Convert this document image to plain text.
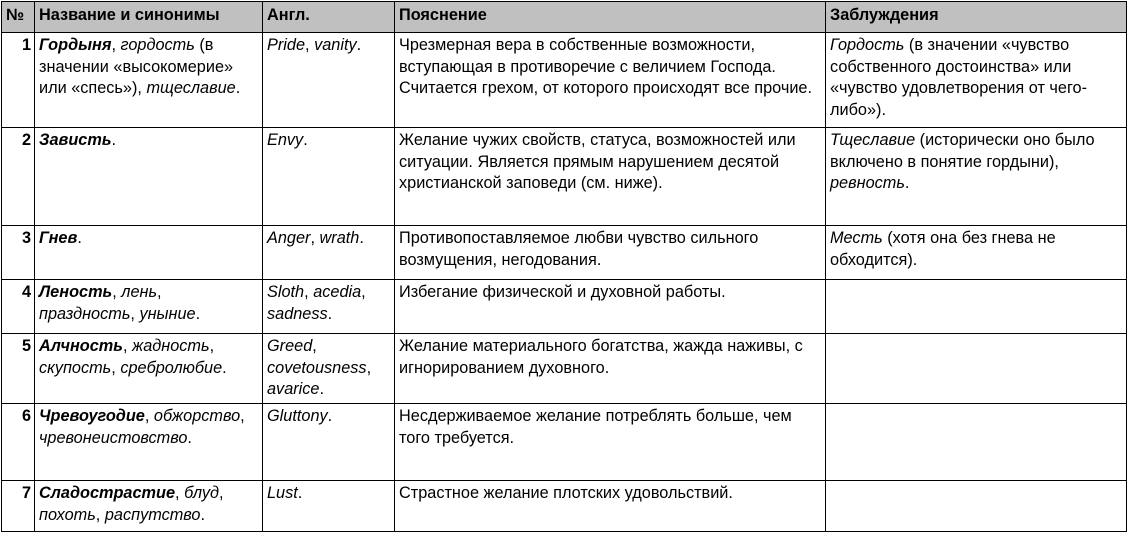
№	Название и синонимы	Англ.	Пояснение	Заблуждения
1	Гордыня, гордость (в значении «высокомерие» или «спесь»), тщеславие.	Pride, vanity.	Чрезмерная вера в собственные возможности, вступающая в противоречие с величием Господа. Считается грехом, от которого происходят все прочие.	Гордость (в значении «чувство собственного достоинства» или «чувство удовлетворения от чего-либо»).
2	Зависть.	Envy.	Желание чужих свойств, статуса, возможностей или ситуации. Является прямым нарушением десятой христианской заповеди (см. ниже).	Тщеславие (исторически оно было включено в понятие гордыни), ревность.
3	Гнев.	Anger, wrath.	Противопоставляемое любви чувство сильного возмущения, негодования.	Месть (хотя она без гнева не обходится).
4	Леность, лень, праздность, уныние.	Sloth, acedia, sadness.	Избегание физической и духовной работы.	
5	Алчность, жадность, скупость, сребролюбие.	Greed, covetousness, avarice.	Желание материального богатства, жажда наживы, с игнорированием духовного.	
6	Чревоугодие, обжорство, чревонеистовство.	Gluttony.	Несдерживаемое желание потреблять больше, чем того требуется.	
7	Сладострастие, блуд, похоть, распутство.	Lust.	Страстное желание плотских удовольствий.	
